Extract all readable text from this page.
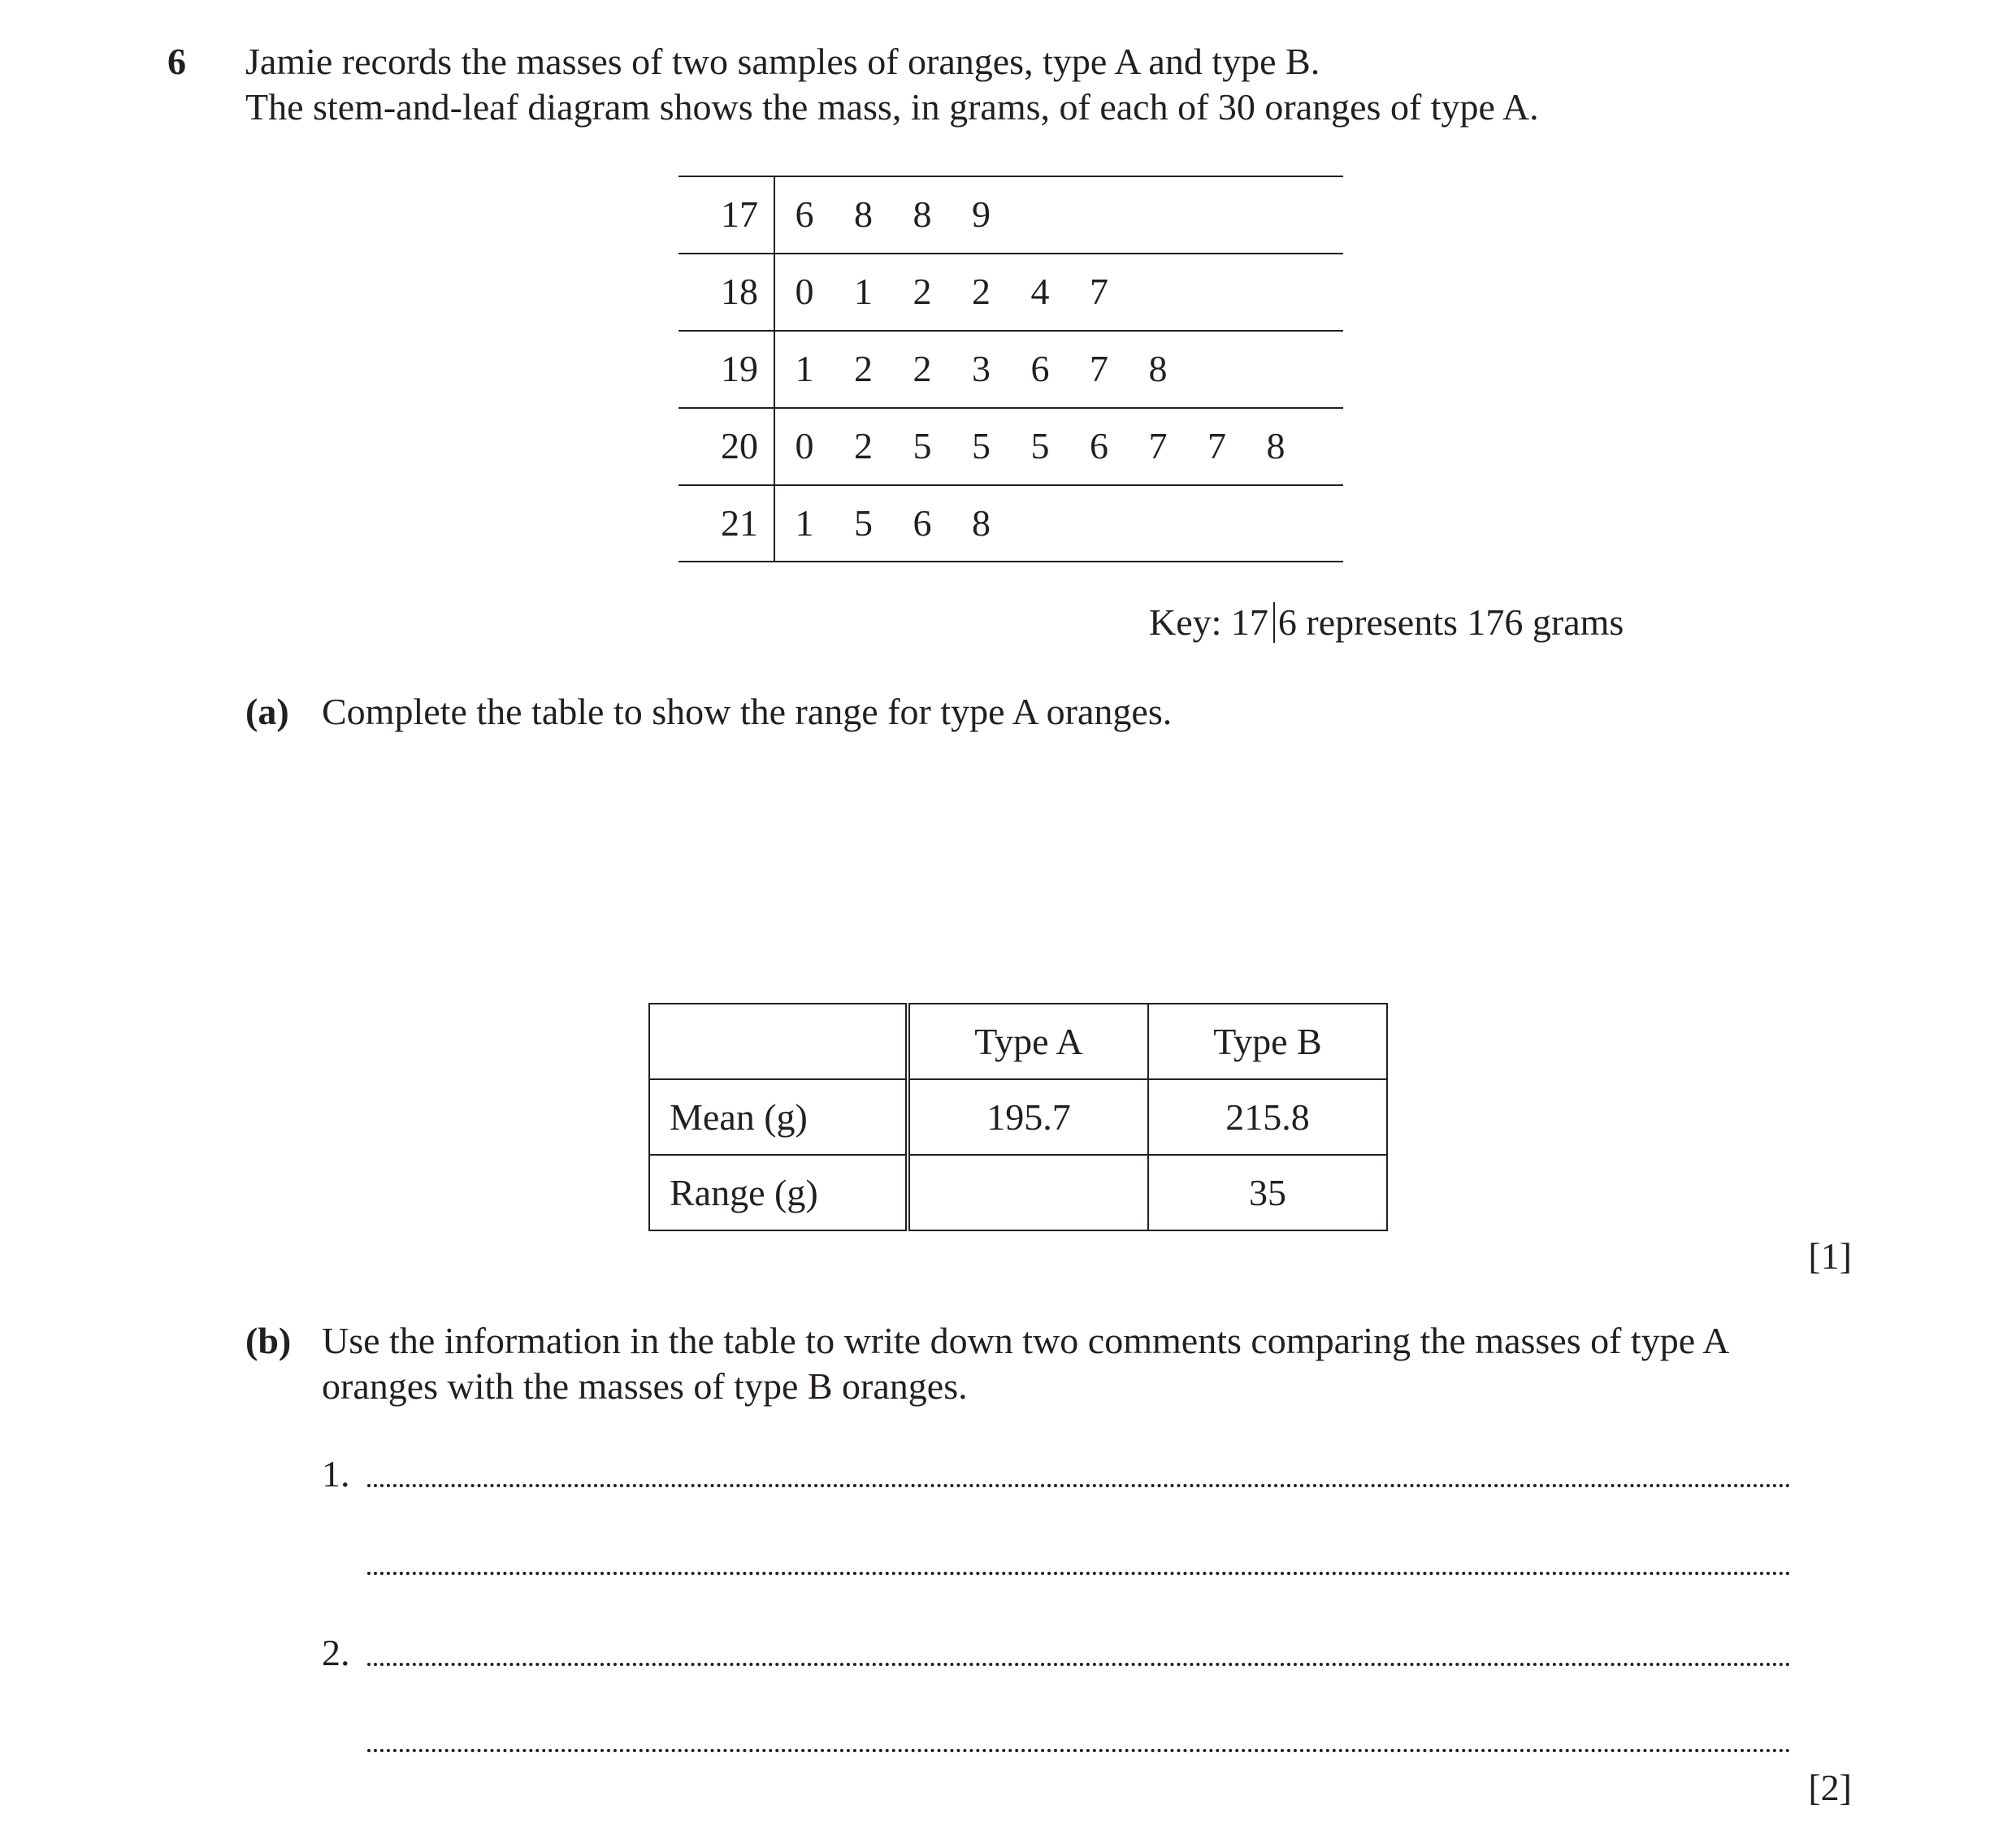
6 Jamie records the masses of two samples of oranges, type A and type B.
The stem-and-leaf diagram shows the mass, in grams, of each of 30 oranges of type A.
17 6 8 8 9
18 0 1 2 2 4 7
19 1 2 2 3 6 7 8
20 0 2 5 5 5 6 7 7 8
21 1 5 6 8
Key: 17 6 represents 176 grams
(a) Complete the table to show the range for type A oranges.
	Type A	Type B
Mean (g)	195.7	215.8
Range (g)		35
[1]
(b) Use the information in the table to write down two comments comparing the masses of type A
oranges with the masses of type B oranges.
1.
2.
[2]
